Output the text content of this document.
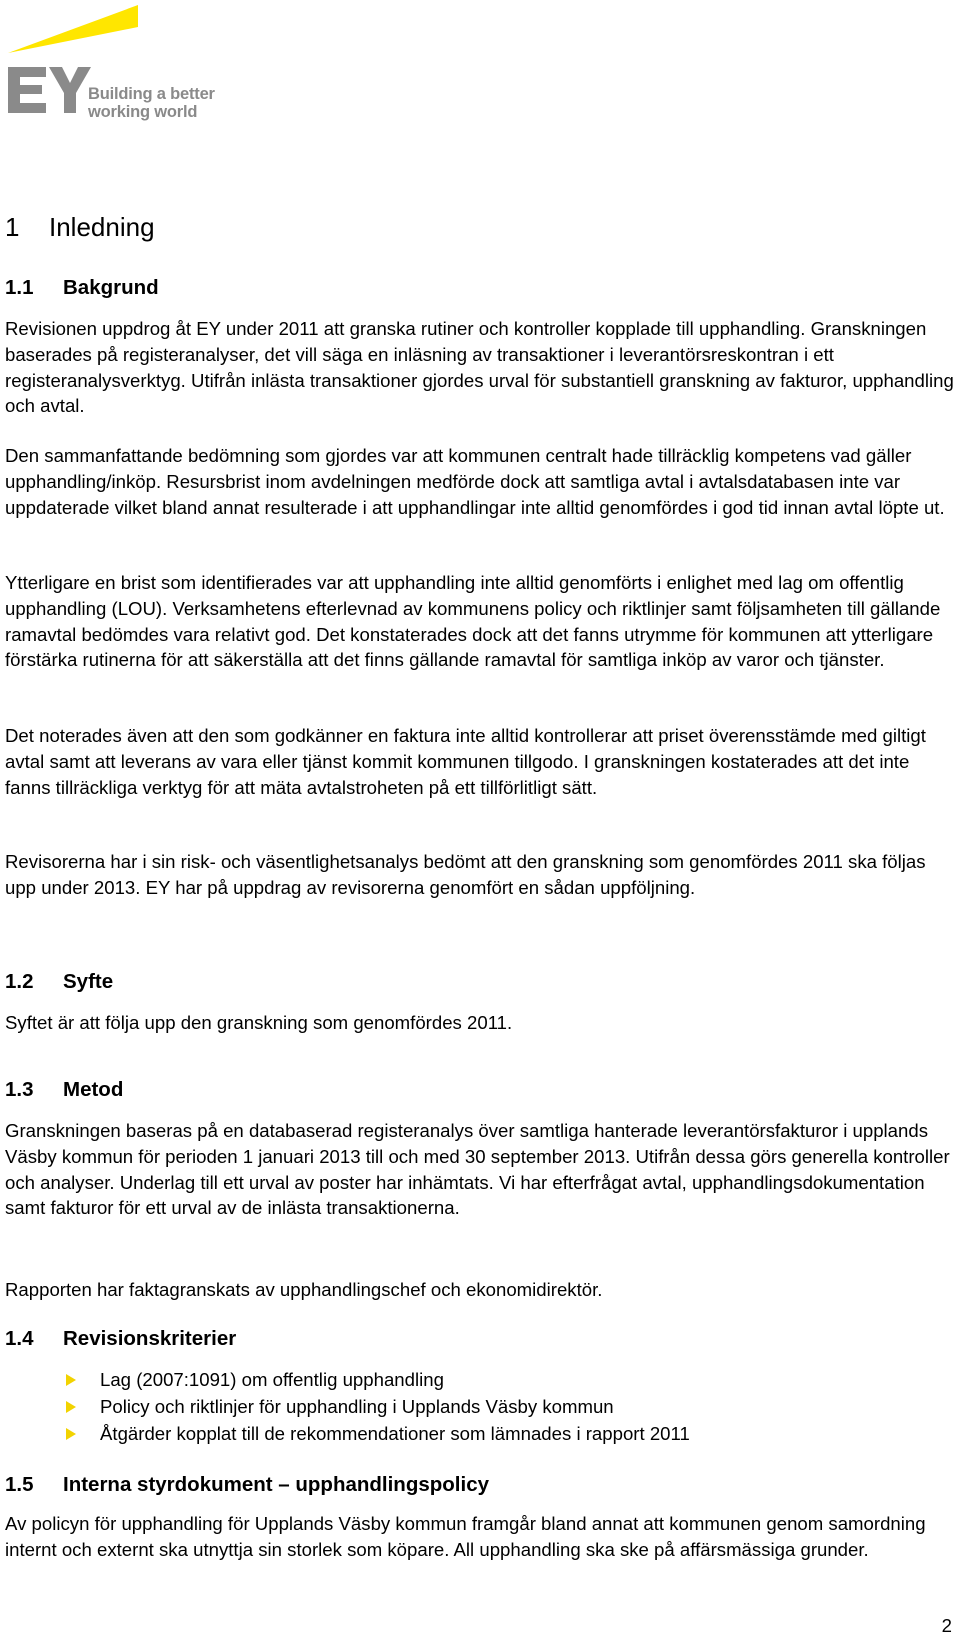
Building a better
working world
1 Inledning
1.1 Bakgrund

Revisionen uppdrog åt EY under 2011 att granska rutiner och kontroller kopplade till upphandling. Granskningen baserades på registeranalyser, det vill säga en inläsning av transaktioner i leverantörsreskontran i ett registeranalysverktyg. Utifrån inlästa transaktioner gjordes urval för substantiell granskning av fakturor, upphandling och avtal.

Den sammanfattande bedömning som gjordes var att kommunen centralt hade tillräcklig kompetens vad gäller upphandling/inköp. Resursbrist inom avdelningen medförde dock att samtliga avtal i avtalsdatabasen inte var uppdaterade vilket bland annat resulterade i att upphandlingar inte alltid genomfördes i god tid innan avtal löpte ut.

Ytterligare en brist som identifierades var att upphandling inte alltid genomförts i enlighet med lag om offentlig upphandling (LOU). Verksamhetens efterlevnad av kommunens policy och riktlinjer samt följsamheten till gällande ramavtal bedömdes vara relativt god. Det konstaterades dock att det fanns utrymme för kommunen att ytterligare förstärka rutinerna för att säkerställa att det finns gällande ramavtal för samtliga inköp av varor och tjänster.

Det noterades även att den som godkänner en faktura inte alltid kontrollerar att priset överensstämde med giltigt avtal samt att leverans av vara eller tjänst kommit kommunen tillgodo. I granskningen kostaterades att det inte fanns tillräckliga verktyg för att mäta avtalstroheten på ett tillförlitligt sätt.

Revisorerna har i sin risk- och väsentlighetsanalys bedömt att den granskning som genomfördes 2011 ska följas upp under 2013. EY har på uppdrag av revisorerna genomfört en sådan uppföljning.

1.2 Syfte

Syftet är att följa upp den granskning som genomfördes 2011.

1.3 Metod

Granskningen baseras på en databaserad registeranalys över samtliga hanterade leverantörsfakturor i upplands Väsby kommun för perioden 1 januari 2013 till och med 30 september 2013. Utifrån dessa görs generella kontroller och analyser. Underlag till ett urval av poster har inhämtats. Vi har efterfrågat avtal, upphandlingsdokumentation samt fakturor för ett urval av de inlästa transaktionerna.

Rapporten har faktagranskats av upphandlingschef och ekonomidirektör.

1.4 Revisionskriterier
Lag (2007:1091) om offentlig upphandling
Policy och riktlinjer för upphandling i Upplands Väsby kommun
Åtgärder kopplat till de rekommendationer som lämnades i rapport 2011
1.5 Interna styrdokument – upphandlingspolicy

Av policyn för upphandling för Upplands Väsby kommun framgår bland annat att kommunen genom samordning internt och externt ska utnyttja sin storlek som köpare. All upphandling ska ske på affärsmässiga grunder.

2
